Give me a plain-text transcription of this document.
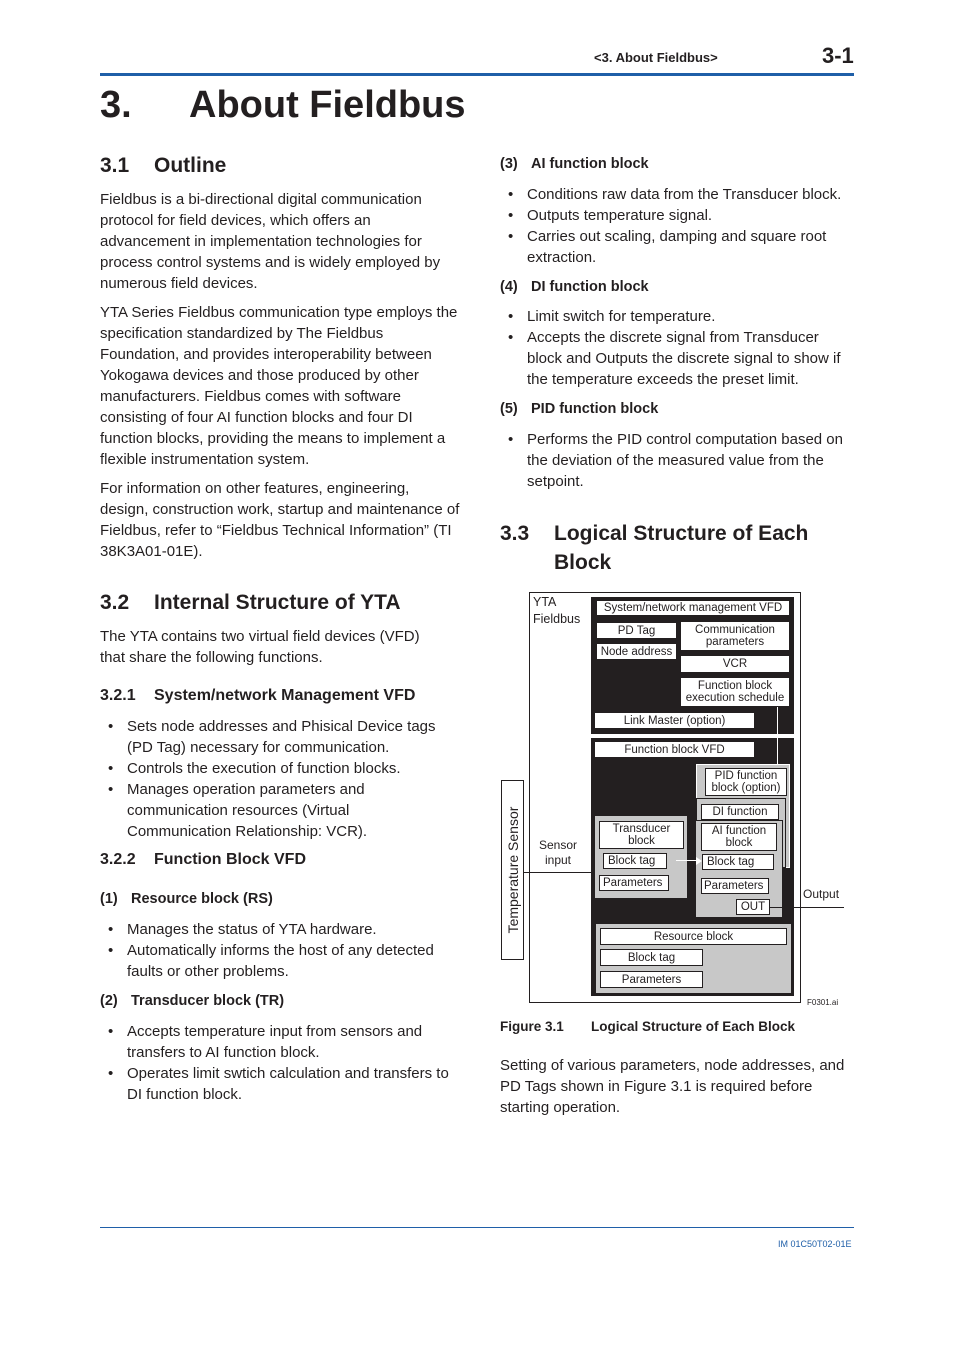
<3. About Fieldbus>	3-1
3. About Fieldbus
3.1 Outline
Fieldbus is a bi-directional digital communication protocol for field devices, which offers an advancement in implementation technologies for process control systems and is widely employed by numerous field devices.
YTA Series Fieldbus communication type employs the specification standardized by The Fieldbus Foundation, and provides interoperability between Yokogawa devices and those produced by other manufacturers. Fieldbus comes with software consisting of four AI function blocks and four DI function blocks, providing the means to implement a flexible instrumentation system.
For information on other features, engineering, design, construction work, startup and maintenance of Fieldbus, refer to “Fieldbus Technical Information” (TI 38K3A01-01E).
3.2 Internal Structure of YTA
The YTA contains two virtual field devices (VFD) that share the following functions.
3.2.1 System/network Management VFD
• Sets node addresses and Phisical Device tags (PD Tag) necessary for communication.
• Controls the execution of function blocks.
• Manages operation parameters and communication resources (Virtual Communication Relationship: VCR).
3.2.2 Function Block VFD
(1) Resource block (RS)
• Manages the status of YTA hardware.
• Automatically informs the host of any detected faults or other problems.
(2) Transducer block (TR)
• Accepts temperature input from sensors and transfers to AI function block.
• Operates limit swtich calculation and transfers to DI function block.
(3) AI function block
• Conditions raw data from the Transducer block.
• Outputs temperature signal.
• Carries out scaling, damping and square root extraction.
(4) DI function block
• Limit switch for temperature.
• Accepts the discrete signal from Transducer block and Outputs the discrete signal to show if the temperature exceeds the preset limit.
(5) PID function block
• Performs the PID control computation based on the deviation of the measured value from the setpoint.
3.3 Logical Structure of Each
Block
YTA
Fieldbus
Temperature Sensor	Sensor
input
System/network management VFD
PD Tag
Node address
Communication
parameters
VCR
Function block
execution schedule
Link Master (option)
Function block VFD
PID function
block (option)
DI function
Transducer
block
Block tag
Parameters
AI function
block
Block tag
Parameters
OUT
Output
Resource block
Block tag
Parameters
F0301.ai
Figure 3.1 Logical Structure of Each Block
Setting of various parameters, node addresses, and PD Tags shown in Figure 3.1 is required before starting operation.
IM 01C50T02-01E
